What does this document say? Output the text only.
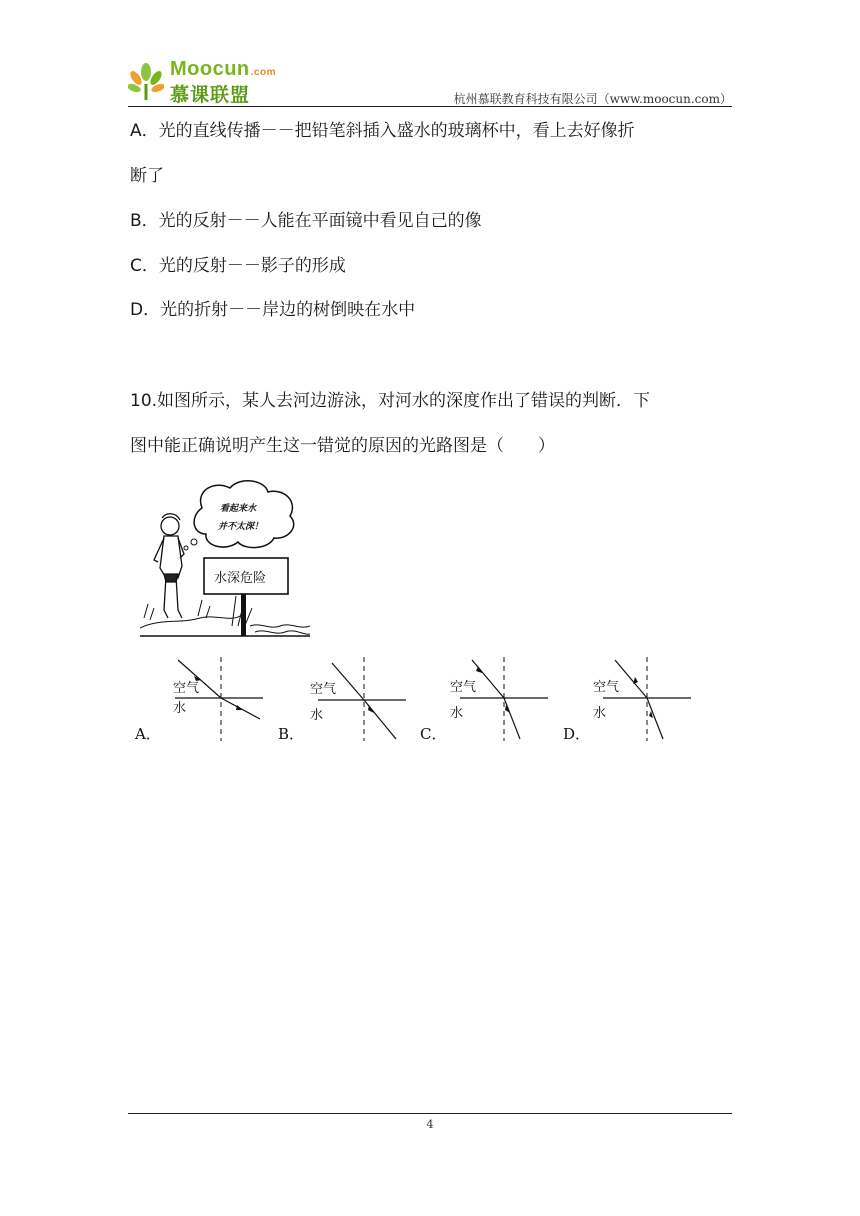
Moocun.com
慕课联盟	杭州慕联教育科技有限公司（www.moocun.com）
A．光的直线传播－－把铅笔斜插入盛水的玻璃杯中，看上去好像折
断了
B．光的反射－－人能在平面镜中看见自己的像
C．光的反射－－影子的形成
D．光的折射－－岸边的树倒映在水中
10.如图所示，某人去河边游泳，对河水的深度作出了错误的判断．下
图中能正确说明产生这一错觉的原因的光路图是（　　）
看起来水
并不太深！
水深危险
空气
水
A．
空气
水
B．
空气
水
C．
空气
水
D．
4
